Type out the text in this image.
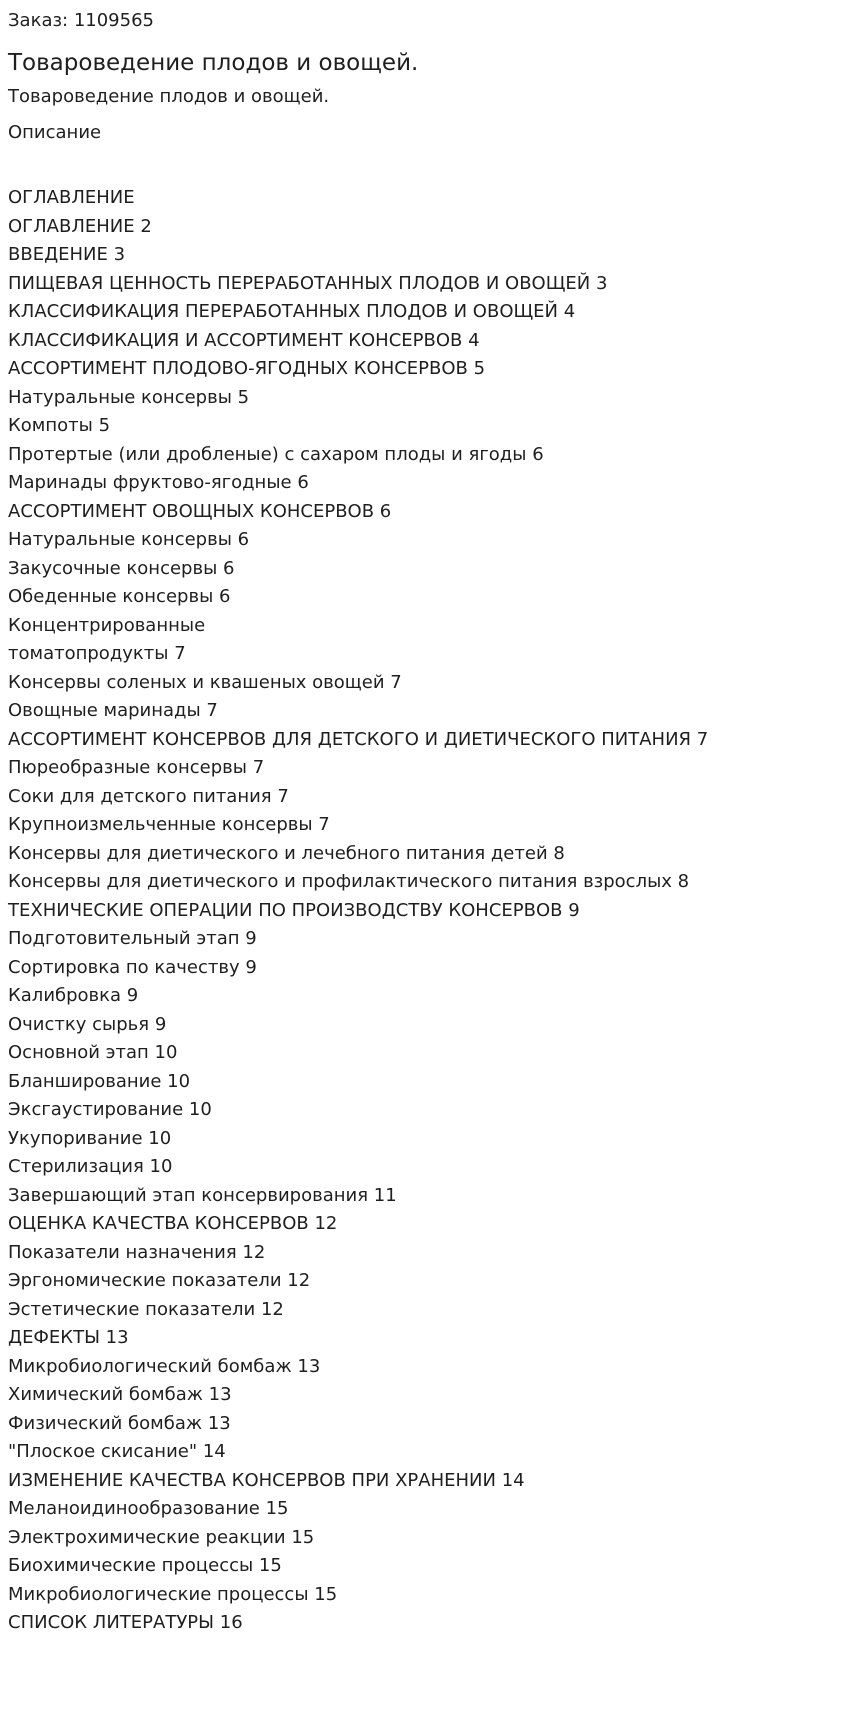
Заказ: 1109565

Товароведение плодов и овощей.

Товароведение плодов и овощей.

Описание

ОГЛАВЛЕНИЕ
ОГЛАВЛЕНИЕ 2
ВВЕДЕНИЕ 3
ПИЩЕВАЯ ЦЕННОСТЬ ПЕРЕРАБОТАННЫХ ПЛОДОВ И ОВОЩЕЙ 3
КЛАССИФИКАЦИЯ ПЕРЕРАБОТАННЫХ ПЛОДОВ И ОВОЩЕЙ 4
КЛАССИФИКАЦИЯ И АССОРТИМЕНТ КОНСЕРВОВ 4
АССОРТИМЕНТ ПЛОДОВО-ЯГОДНЫХ КОНСЕРВОВ 5
Натуральные консервы 5
Компоты 5
Протертые (или дробленые) с сахаром плоды и ягоды 6
Маринады фруктово-ягодные 6
АССОРТИМЕНТ ОВОЩНЫХ КОНСЕРВОВ 6
Натуральные консервы 6
Закусочные консервы 6
Обеденные консервы 6
Концентрированные
томатопродукты 7
Консервы соленых и квашеных овощей 7
Овощные маринады 7
АССОРТИМЕНТ КОНСЕРВОВ ДЛЯ ДЕТСКОГО И ДИЕТИЧЕСКОГО ПИТАНИЯ 7
Пюреобразные консервы 7
Соки для детского питания 7
Крупноизмельченные консервы 7
Консервы для диетического и лечебного питания детей 8
Консервы для диетического и профилактического питания взрослых 8
ТЕХНИЧЕСКИЕ ОПЕРАЦИИ ПО ПРОИЗВОДСТВУ КОНСЕРВОВ 9
Подготовительный этап 9
Сортировка по качеству 9
Калибровка 9
Очистку сырья 9
Основной этап 10
Бланширование 10
Эксгаустирование 10
Укупоривание 10
Стерилизация 10
Завершающий этап консервирования 11
ОЦЕНКА КАЧЕСТВА КОНСЕРВОВ 12
Показатели назначения 12
Эргономические показатели 12
Эстетические показатели 12
ДЕФЕКТЫ 13
Микробиологический бомбаж 13
Химический бомбаж 13
Физический бомбаж 13
"Плоское скисание" 14
ИЗМЕНЕНИЕ КАЧЕСТВА КОНСЕРВОВ ПРИ ХРАНЕНИИ 14
Меланоидинообразование 15
Электрохимические реакции 15
Биохимические процессы 15
Микробиологические процессы 15
СПИСОК ЛИТЕРАТУРЫ 16
